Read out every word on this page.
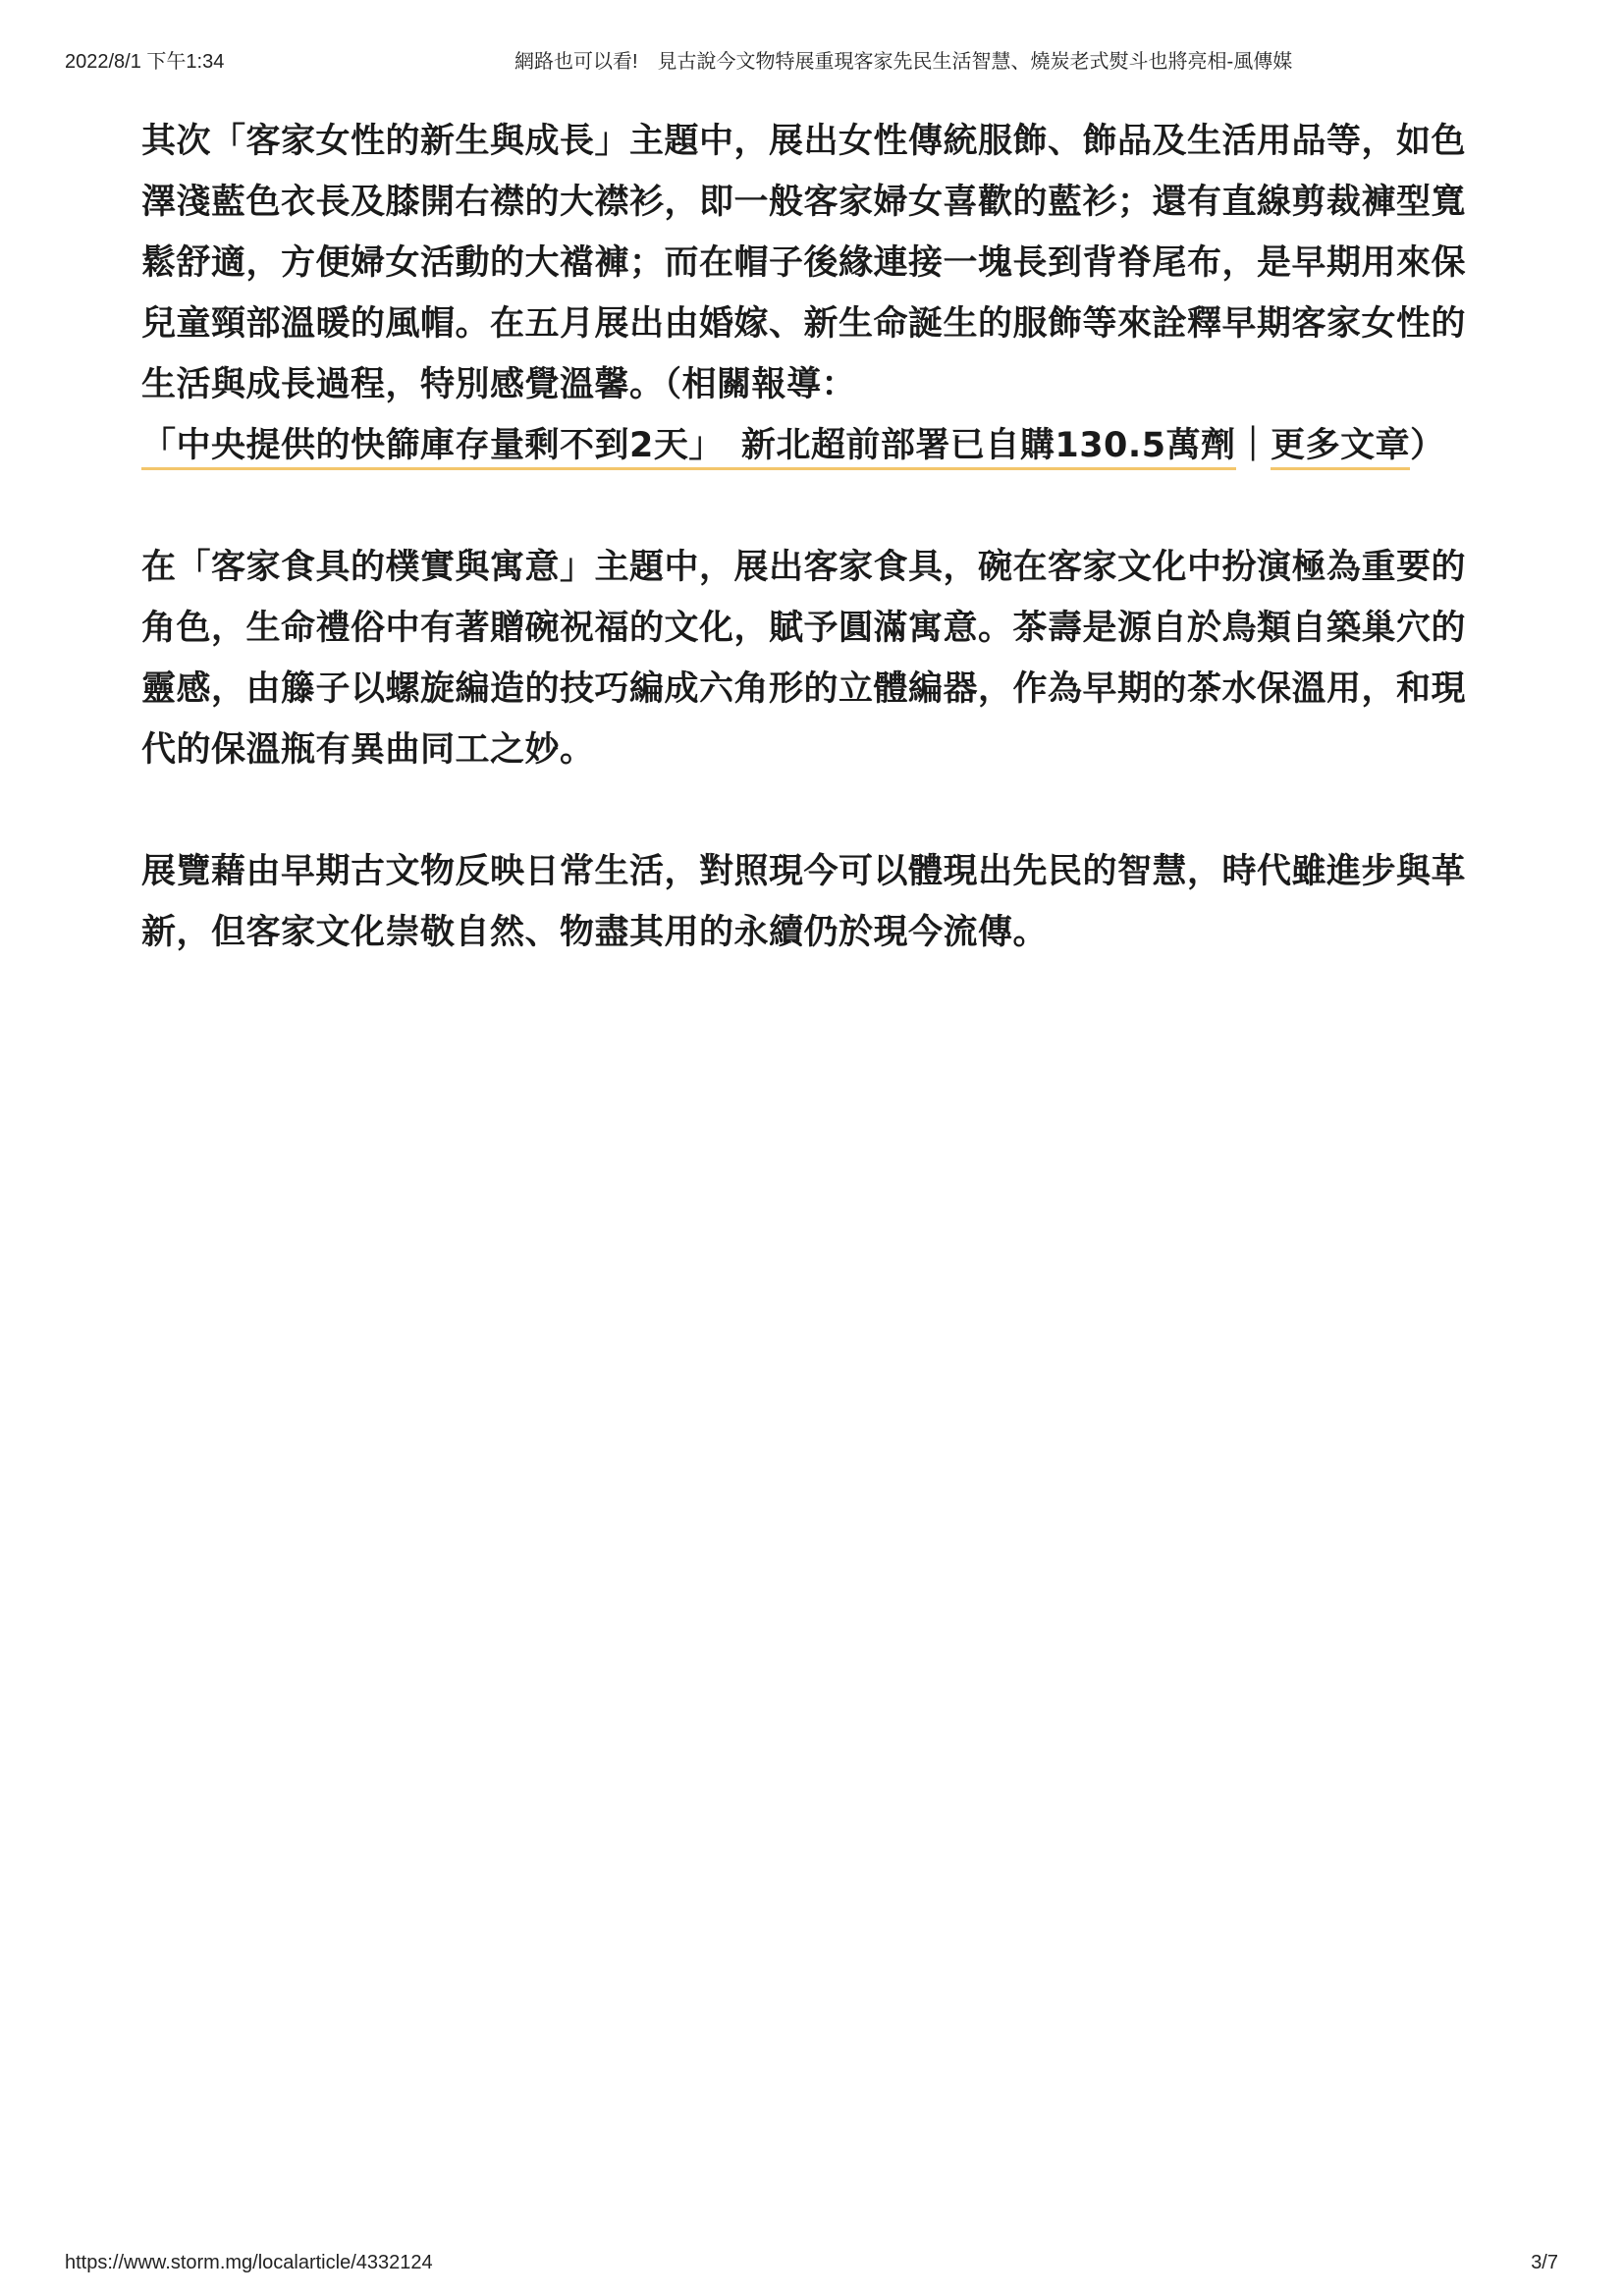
2022/8/1 下午1:34	網路也可以看!　見古說今文物特展重現客家先民生活智慧、燒炭老式熨斗也將亮相-風傳媒

其次「客家女性的新生與成長」主題中，展出女性傳統服飾、飾品及生活用品等，如色澤淺藍色衣長及膝開右襟的大襟衫，即一般客家婦女喜歡的藍衫；還有直線剪裁褲型寬鬆舒適，方便婦女活動的大襠褲；而在帽子後緣連接一塊長到背脊尾布，是早期用來保兒童頸部溫暖的風帽。在五月展出由婚嫁、新生命誕生的服飾等來詮釋早期客家女性的生活與成長過程，特別感覺溫馨。（相關報導：
「中央提供的快篩庫存量剩不到2天」　新北超前部署已自購130.5萬劑｜更多文章）

在「客家食具的樸實與寓意」主題中，展出客家食具，碗在客家文化中扮演極為重要的角色，生命禮俗中有著贈碗祝福的文化，賦予圓滿寓意。茶壽是源自於鳥類自築巢穴的靈感，由籐子以螺旋編造的技巧編成六角形的立體編器，作為早期的茶水保溫用，和現代的保溫瓶有異曲同工之妙。

展覽藉由早期古文物反映日常生活，對照現今可以體現出先民的智慧，時代雖進步與革新，但客家文化崇敬自然、物盡其用的永續仍於現今流傳。

https://www.storm.mg/localarticle/4332124	3/7
